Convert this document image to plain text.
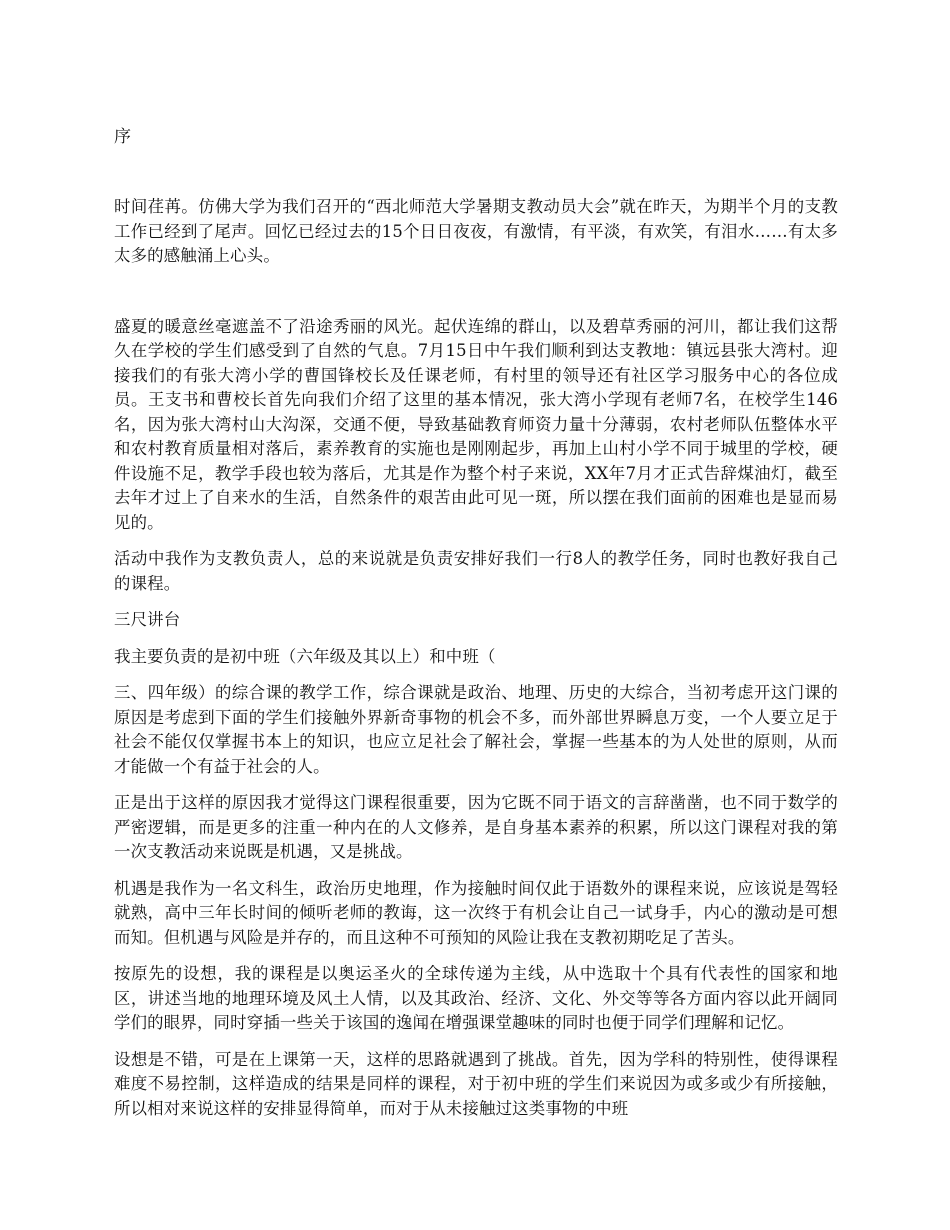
序

时间荏苒。仿佛大学为我们召开的“西北师范大学暑期支教动员大会”就在昨天，为期半个月的支教工作已经到了尾声。回忆已经过去的15个日日夜夜，有激情，有平淡，有欢笑，有泪水……有太多太多的感触涌上心头。

盛夏的暖意丝毫遮盖不了沿途秀丽的风光。起伏连绵的群山，以及碧草秀丽的河川，都让我们这帮久在学校的学生们感受到了自然的气息。7月15日中午我们顺利到达支教地：镇远县张大湾村。迎接我们的有张大湾小学的曹国锋校长及任课老师，有村里的领导还有社区学习服务中心的各位成员。王支书和曹校长首先向我们介绍了这里的基本情况，张大湾小学现有老师7名，在校学生146名，因为张大湾村山大沟深，交通不便，导致基础教育师资力量十分薄弱，农村老师队伍整体水平和农村教育质量相对落后，素养教育的实施也是刚刚起步，再加上山村小学不同于城里的学校，硬件设施不足，教学手段也较为落后，尤其是作为整个村子来说，XX年7月才正式告辞煤油灯，截至去年才过上了自来水的生活，自然条件的艰苦由此可见一斑，所以摆在我们面前的困难也是显而易见的。

活动中我作为支教负责人，总的来说就是负责安排好我们一行8人的教学任务，同时也教好我自己的课程。

三尺讲台

我主要负责的是初中班（六年级及其以上）和中班（

三、四年级）的综合课的教学工作，综合课就是政治、地理、历史的大综合，当初考虑开这门课的原因是考虑到下面的学生们接触外界新奇事物的机会不多，而外部世界瞬息万变，一个人要立足于社会不能仅仅掌握书本上的知识，也应立足社会了解社会，掌握一些基本的为人处世的原则，从而才能做一个有益于社会的人。

正是出于这样的原因我才觉得这门课程很重要，因为它既不同于语文的言辞凿凿，也不同于数学的严密逻辑，而是更多的注重一种内在的人文修养，是自身基本素养的积累，所以这门课程对我的第一次支教活动来说既是机遇，又是挑战。

机遇是我作为一名文科生，政治历史地理，作为接触时间仅此于语数外的课程来说，应该说是驾轻就熟，高中三年长时间的倾听老师的教诲，这一次终于有机会让自己一试身手，内心的激动是可想而知。但机遇与风险是并存的，而且这种不可预知的风险让我在支教初期吃足了苦头。

按原先的设想，我的课程是以奥运圣火的全球传递为主线，从中选取十个具有代表性的国家和地区，讲述当地的地理环境及风土人情，以及其政治、经济、文化、外交等等各方面内容以此开阔同学们的眼界，同时穿插一些关于该国的逸闻在增强课堂趣味的同时也便于同学们理解和记忆。

设想是不错，可是在上课第一天，这样的思路就遇到了挑战。首先，因为学科的特别性，使得课程难度不易控制，这样造成的结果是同样的课程，对于初中班的学生们来说因为或多或少有所接触，所以相对来说这样的安排显得简单，而对于从未接触过这类事物的中班
